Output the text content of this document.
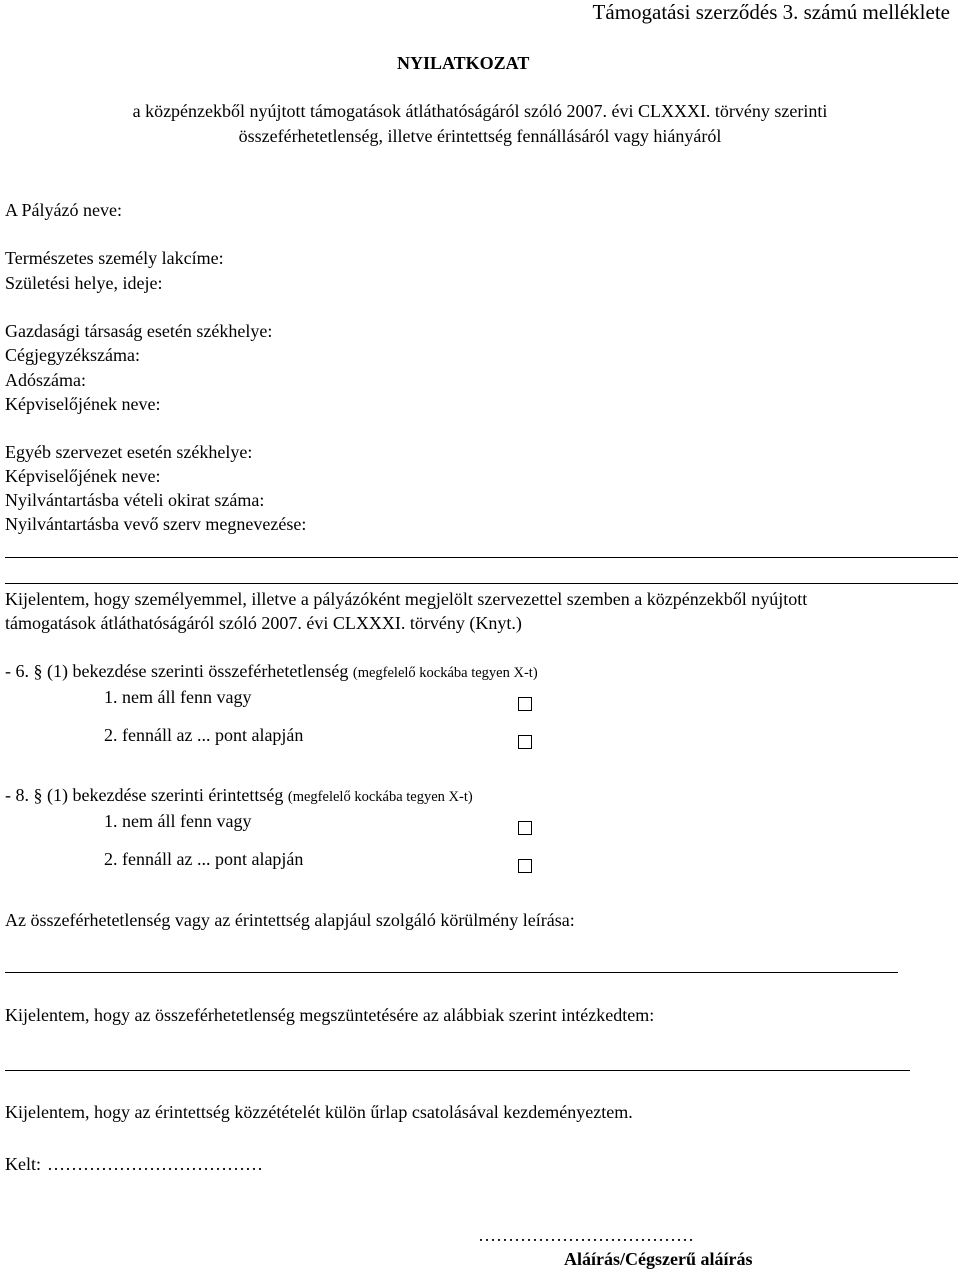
Támogatási szerződés 3. számú melléklete
NYILATKOZAT
a közpénzekből nyújtott támogatások átláthatóságáról szóló 2007. évi CLXXXI. törvény szerinti
összeférhetetlenség, illetve érintettség fennállásáról vagy hiányáról
A Pályázó neve:
Természetes személy lakcíme:
Születési helye, ideje:
Gazdasági társaság esetén székhelye:
Cégjegyzékszáma:
Adószáma:
Képviselőjének neve:
Egyéb szervezet esetén székhelye:
Képviselőjének neve:
Nyilvántartásba vételi okirat száma:
Nyilvántartásba vevő szerv megnevezése:
Kijelentem, hogy személyemmel, illetve a pályázóként megjelölt szervezettel szemben a közpénzekből nyújtott
támogatások átláthatóságáról szóló 2007. évi CLXXXI. törvény (Knyt.)
- 6. § (1) bekezdése szerinti összeférhetetlenség (megfelelő kockába tegyen X-t)
1. nem áll fenn vagy
2. fennáll az ... pont alapján
- 8. § (1) bekezdése szerinti érintettség (megfelelő kockába tegyen X-t)
1. nem áll fenn vagy
2. fennáll az ... pont alapján
Az összeférhetetlenség vagy az érintettség alapjául szolgáló körülmény leírása:
Kijelentem, hogy az összeférhetetlenség megszüntetésére az alábbiak szerint intézkedtem:
Kijelentem, hogy az érintettség közzétételét külön űrlap csatolásával kezdeményeztem.
Kelt: ………………………………
………………………………
Aláírás/Cégszerű aláírás
